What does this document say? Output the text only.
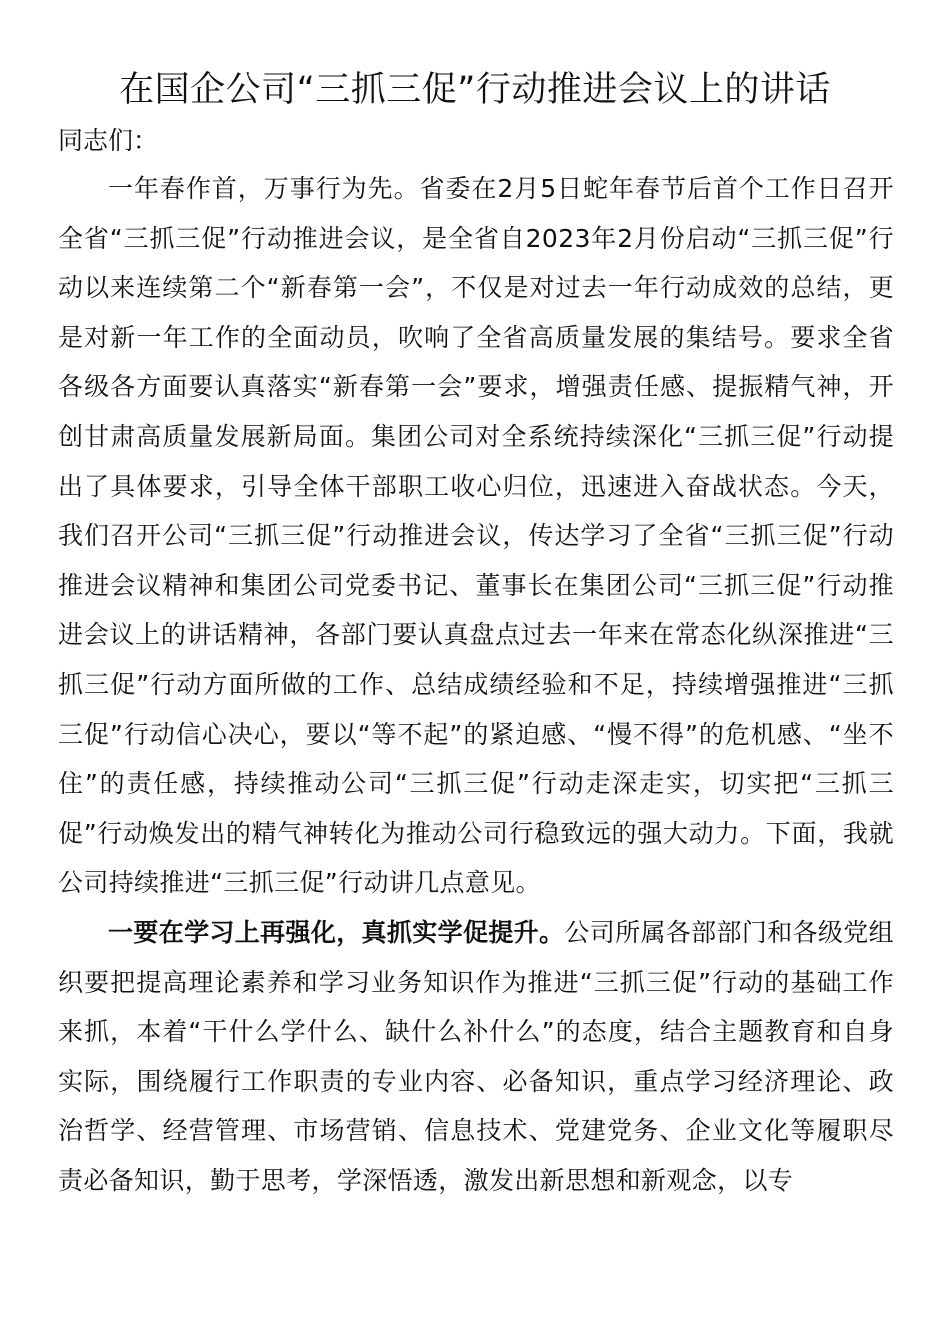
在国企公司“三抓三促”行动推进会议上的讲话

同志们：

一年春作首，万事行为先。省委在2月5日蛇年春节后首个工作日召开全省“三抓三促”行动推进会议，是全省自2023年2月份启动“三抓三促”行动以来连续第二个“新春第一会”，不仅是对过去一年行动成效的总结，更是对新一年工作的全面动员，吹响了全省高质量发展的集结号。要求全省各级各方面要认真落实“新春第一会”要求，增强责任感、提振精气神，开创甘肃高质量发展新局面。集团公司对全系统持续深化“三抓三促”行动提出了具体要求，引导全体干部职工收心归位，迅速进入奋战状态。今天，我们召开公司“三抓三促”行动推进会议，传达学习了全省“三抓三促”行动推进会议精神和集团公司党委书记、董事长在集团公司“三抓三促”行动推进会议上的讲话精神，各部门要认真盘点过去一年来在常态化纵深推进“三抓三促”行动方面所做的工作、总结成绩经验和不足，持续增强推进“三抓三促”行动信心决心，要以“等不起”的紧迫感、“慢不得”的危机感、“坐不住”的责任感，持续推动公司“三抓三促”行动走深走实，切实把“三抓三促”行动焕发出的精气神转化为推动公司行稳致远的强大动力。下面，我就公司持续推进“三抓三促”行动讲几点意见。

一要在学习上再强化，真抓实学促提升。公司所属各部部门和各级党组织要把提高理论素养和学习业务知识作为推进“三抓三促”行动的基础工作来抓，本着“干什么学什么、缺什么补什么”的态度，结合主题教育和自身实际，围绕履行工作职责的专业内容、必备知识，重点学习经济理论、政治哲学、经营管理、市场营销、信息技术、党建党务、企业文化等履职尽责必备知识，勤于思考，学深悟透，激发出新思想和新观念，以专
